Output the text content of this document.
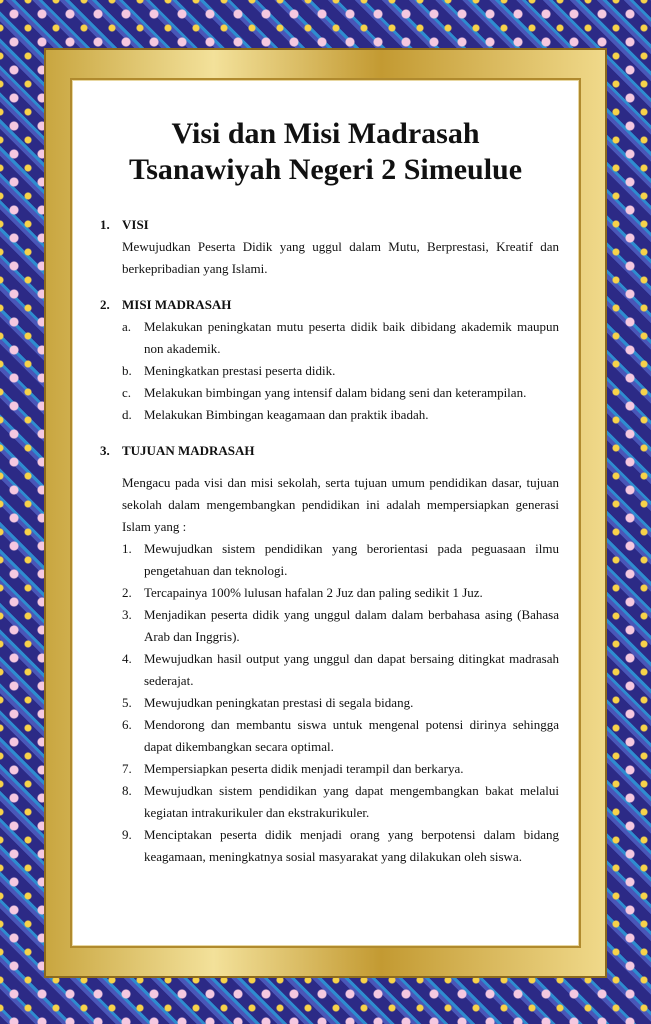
Visi dan Misi Madrasah
Tsanawiyah Negeri 2 Simeulue
1. VISI
Mewujudkan Peserta Didik yang uggul dalam Mutu, Berprestasi, Kreatif dan berkepribadian yang Islami.
2. MISI MADRASAH
a. Melakukan peningkatan mutu peserta didik baik dibidang akademik maupun non akademik.
b. Meningkatkan prestasi peserta didik.
c. Melakukan bimbingan yang intensif dalam bidang seni dan keterampilan.
d. Melakukan Bimbingan keagamaan dan praktik ibadah.
3. TUJUAN MADRASAH
Mengacu pada visi dan misi sekolah, serta tujuan umum pendidikan dasar, tujuan sekolah dalam mengembangkan pendidikan ini adalah mempersiapkan generasi Islam yang :
1. Mewujudkan sistem pendidikan yang berorientasi pada peguasaan ilmu pengetahuan dan teknologi.
2. Tercapainya 100% lulusan hafalan 2 Juz dan paling sedikit 1 Juz.
3. Menjadikan peserta didik yang unggul dalam dalam berbahasa asing (Bahasa Arab dan Inggris).
4. Mewujudkan hasil output yang unggul dan dapat bersaing ditingkat madrasah sederajat.
5. Mewujudkan peningkatan prestasi di segala bidang.
6. Mendorong dan membantu siswa untuk mengenal potensi dirinya sehingga dapat dikembangkan secara optimal.
7. Mempersiapkan peserta didik menjadi terampil dan berkarya.
8. Mewujudkan sistem pendidikan yang dapat mengembangkan bakat melalui kegiatan intrakurikuler dan ekstrakurikuler.
9. Menciptakan peserta didik menjadi orang yang berpotensi dalam bidang keagamaan, meningkatnya sosial masyarakat yang dilakukan oleh siswa.
